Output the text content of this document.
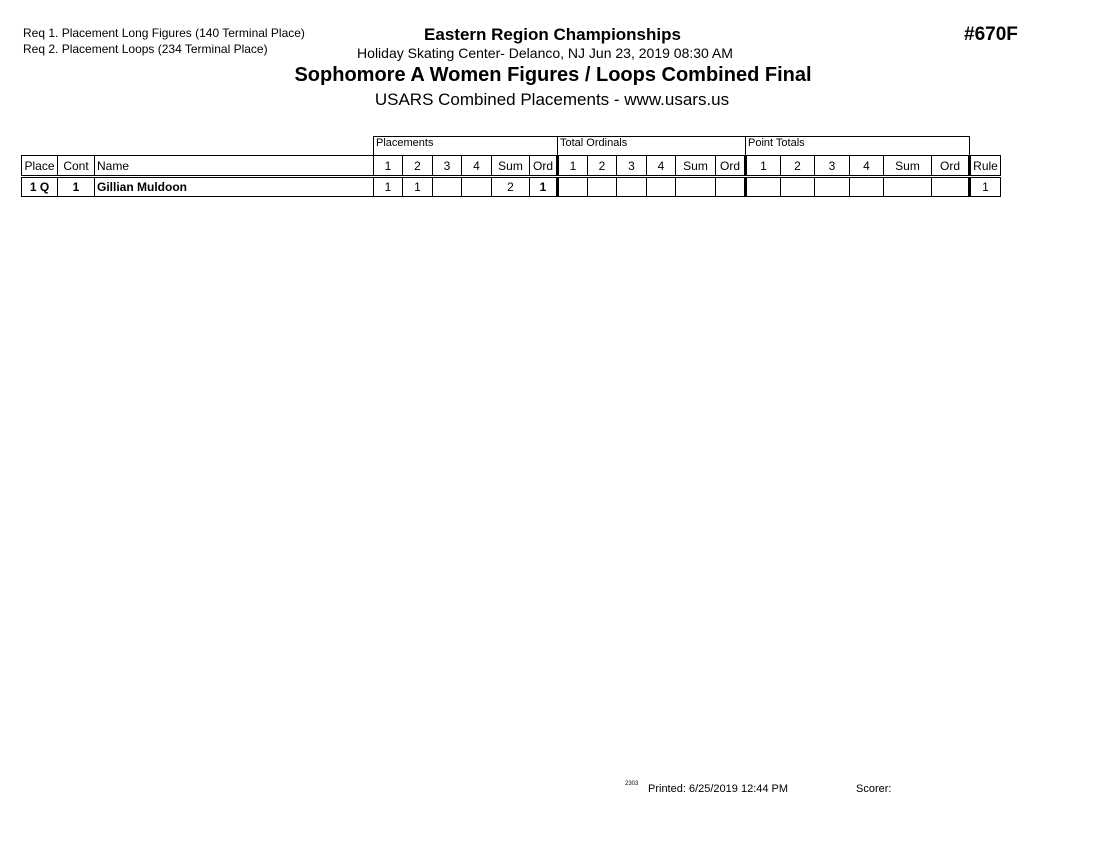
Req 1. Placement Long Figures (140 Terminal Place)
Req 2. Placement Loops (234 Terminal Place)
Eastern Region Championships
Holiday Skating Center- Delanco, NJ Jun 23, 2019 08:30 AM
#670F
Sophomore A Women Figures / Loops Combined Final
USARS Combined Placements - www.usars.us
			Placements						Total Ordinals						Point Totals						
Place	Cont	Name	1	2	3	4	Sum	Ord	1	2	3	4	Sum	Ord	1	2	3	4	Sum	Ord	Rule
1 Q	1	Gillian Muldoon	1	1			2	1													1
2303 Printed: 6/25/2019 12:44 PM	Scorer:
